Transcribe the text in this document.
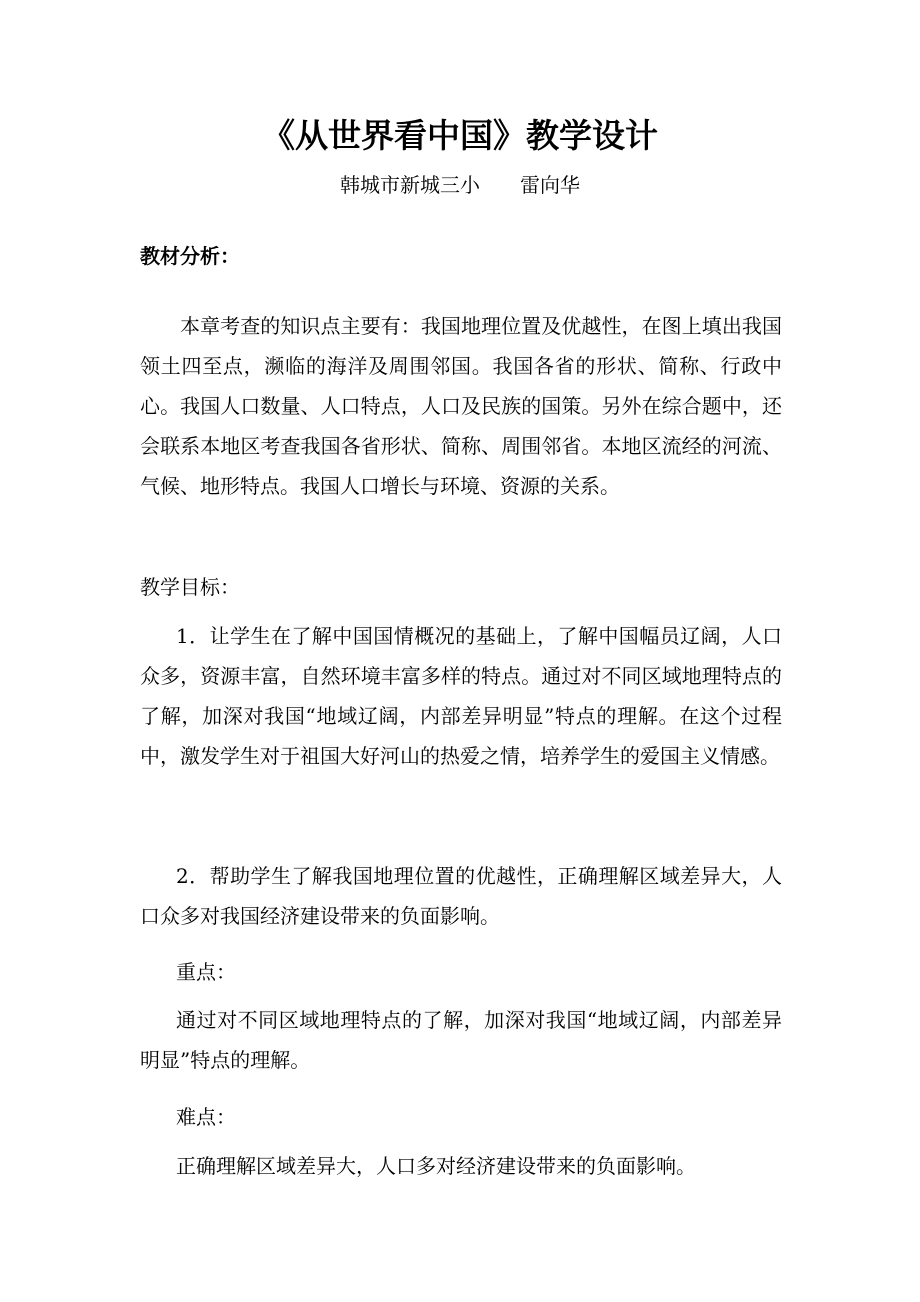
《从世界看中国》教学设计
韩城市新城三小 雷向华
教材分析：
本章考查的知识点主要有：我国地理位置及优越性，在图上填出我国领土四至点，濒临的海洋及周围邻国。我国各省的形状、简称、行政中心。我国人口数量、人口特点，人口及民族的国策。另外在综合题中，还会联系本地区考查我国各省形状、简称、周围邻省。本地区流经的河流、气候、地形特点。我国人口增长与环境、资源的关系。
教学目标：
1．让学生在了解中国国情概况的基础上，了解中国幅员辽阔，人口众多，资源丰富，自然环境丰富多样的特点。通过对不同区域地理特点的了解，加深对我国“地域辽阔，内部差异明显”特点的理解。在这个过程中，激发学生对于祖国大好河山的热爱之情，培养学生的爱国主义情感。
2．帮助学生了解我国地理位置的优越性，正确理解区域差异大，人口众多对我国经济建设带来的负面影响。
重点：
通过对不同区域地理特点的了解，加深对我国“地域辽阔，内部差异明显”特点的理解。
难点：
正确理解区域差异大，人口多对经济建设带来的负面影响。
